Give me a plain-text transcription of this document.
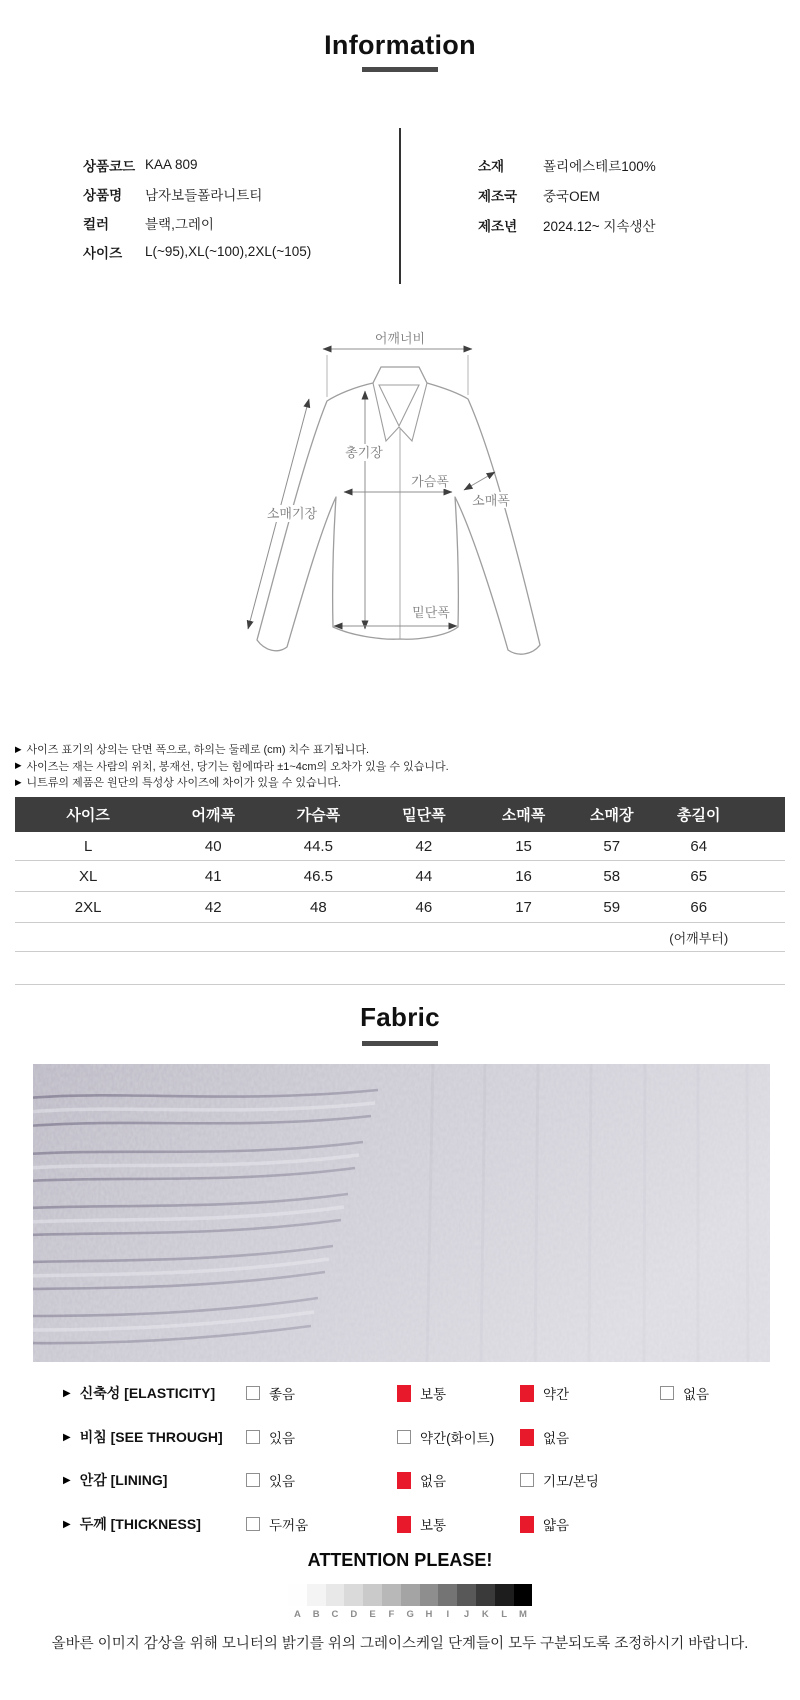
Information
상품코드 KAA 809
상품명	남자보들폴라니트티
컬러	블랙,그레이
사이즈	L(~95),XL(~100),2XL(~105)
소재	폴리에스테르100%
제조국	중국OEM
제조년	2024.12~ 지속생산
어깨너비
총기장
가슴폭
소매폭
소매기장
밑단폭
▶ 사이즈 표기의 상의는 단면 폭으로, 하의는 둘레로 (cm) 치수 표기됩니다.
▶ 사이즈는 재는 사람의 위치, 봉재선, 당기는 힘에따라 ±1~4cm의 오차가 있을 수 있습니다.
▶ 니트류의 제품은 원단의 특성상 사이즈에 차이가 있을 수 있습니다.
사이즈	어깨폭	가슴폭	밑단폭	소매폭	소매장	총길이
L	40	44.5	42	15	57	64
XL	41	46.5	44	16	58	65
2XL	42	48	46	17	59	66
(어깨부터)
Fabric
▶ 신축성 [ELASTICITY]	좋음	보통	약간	없음
▶ 비침 [SEE THROUGH]	있음	약간(화이트)	없음
▶ 안감 [LINING]	있음	없음	기모/본딩
▶ 두께 [THICKNESS]	두꺼움	보통	얇음
ATTENTION PLEASE!
A	B	C	D	E	F	G	H	I	J	K	L	M
올바른 이미지 감상을 위해 모니터의 밝기를 위의 그레이스케일 단계들이 모두 구분되도록 조정하시기 바랍니다.
